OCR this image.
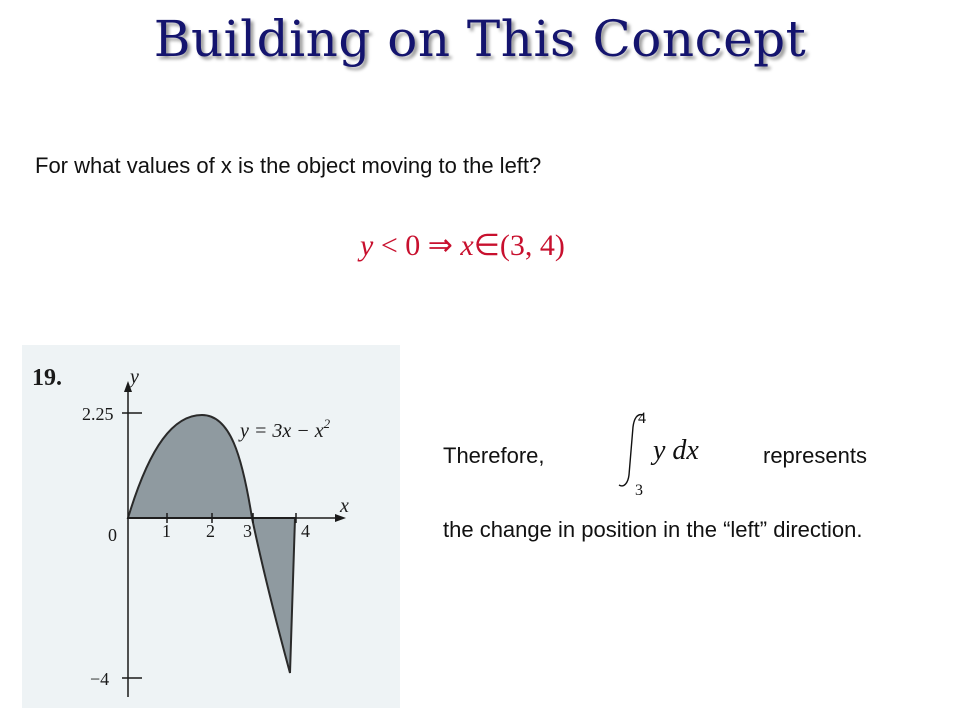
Building on This Concept
For what values of x is the object moving to the left?
y < 0 ⇒ x∈(3, 4)
19.	y
x
2.25
−4
0	1 2 3	4
$y = 3x - x^2$
Therefore,
4
3
y dx	represents
the change in position in the “left” direction.
